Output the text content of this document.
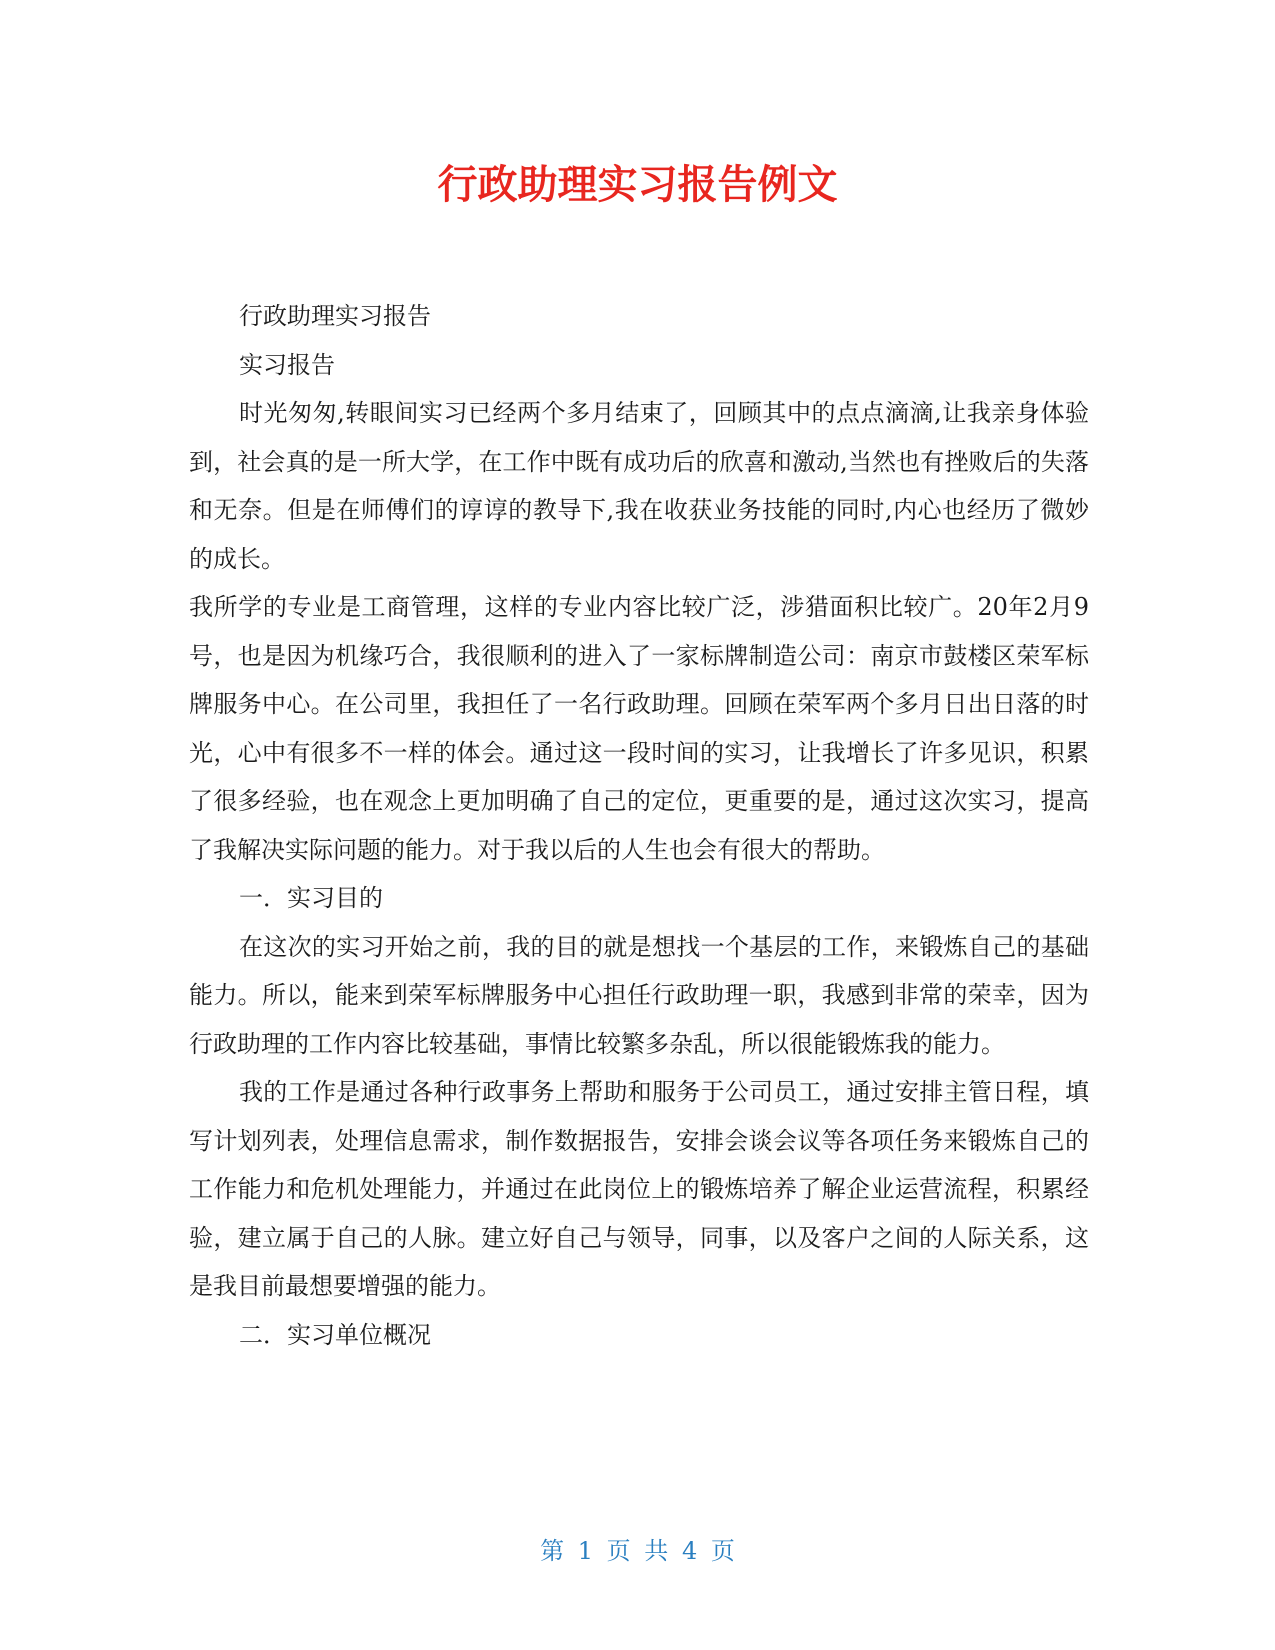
行政助理实习报告例文

行政助理实习报告

实习报告

时光匆匆,转眼间实习已经两个多月结束了，回顾其中的点点滴滴,让我亲身体验到，社会真的是一所大学，在工作中既有成功后的欣喜和激动,当然也有挫败后的失落和无奈。但是在师傅们的谆谆的教导下,我在收获业务技能的同时,内心也经历了微妙的成长。

我所学的专业是工商管理，这样的专业内容比较广泛，涉猎面积比较广。20年2月9号，也是因为机缘巧合，我很顺利的进入了一家标牌制造公司：南京市鼓楼区荣军标牌服务中心。在公司里，我担任了一名行政助理。回顾在荣军两个多月日出日落的时光，心中有很多不一样的体会。通过这一段时间的实习，让我增长了许多见识，积累了很多经验，也在观念上更加明确了自己的定位，更重要的是，通过这次实习，提高了我解决实际问题的能力。对于我以后的人生也会有很大的帮助。

一．实习目的

在这次的实习开始之前，我的目的就是想找一个基层的工作，来锻炼自己的基础能力。所以，能来到荣军标牌服务中心担任行政助理一职，我感到非常的荣幸，因为行政助理的工作内容比较基础，事情比较繁多杂乱，所以很能锻炼我的能力。

我的工作是通过各种行政事务上帮助和服务于公司员工，通过安排主管日程，填写计划列表，处理信息需求，制作数据报告，安排会谈会议等各项任务来锻炼自己的工作能力和危机处理能力，并通过在此岗位上的锻炼培养了解企业运营流程，积累经验，建立属于自己的人脉。建立好自己与领导，同事，以及客户之间的人际关系，这是我目前最想要增强的能力。

二．实习单位概况

第 1 页 共 4 页
